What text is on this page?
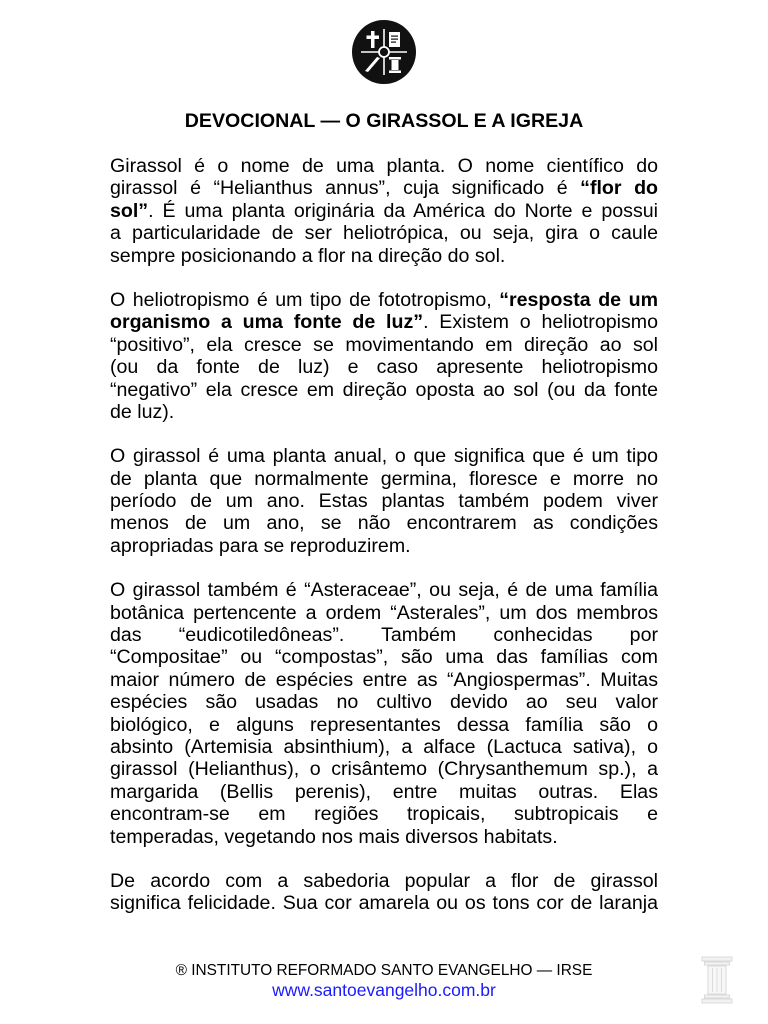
DEVOCIONAL — O GIRASSOL E A IGREJA
Girassol é o nome de uma planta. O nome científico do
girassol é “Helianthus annus”, cuja significado é “flor do
sol”. É uma planta originária da América do Norte e possui
a particularidade de ser heliotrópica, ou seja, gira o caule
sempre posicionando a flor na direção do sol.
O heliotropismo é um tipo de fototropismo, “resposta de um
organismo a uma fonte de luz”. Existem o heliotropismo
“positivo”, ela cresce se movimentando em direção ao sol
(ou da fonte de luz) e caso apresente heliotropismo
“negativo” ela cresce em direção oposta ao sol (ou da fonte
de luz).
O girassol é uma planta anual, o que significa que é um tipo
de planta que normalmente germina, floresce e morre no
período de um ano. Estas plantas também podem viver
menos de um ano, se não encontrarem as condições
apropriadas para se reproduzirem.
O girassol também é “Asteraceae”, ou seja, é de uma família
botânica pertencente a ordem “Asterales”, um dos membros
das “eudicotiledôneas”. Também conhecidas por
“Compositae” ou “compostas”, são uma das famílias com
maior número de espécies entre as “Angiospermas”. Muitas
espécies são usadas no cultivo devido ao seu valor
biológico, e alguns representantes dessa família são o
absinto (Artemisia absinthium), a alface (Lactuca sativa), o
girassol (Helianthus), o crisântemo (Chrysanthemum sp.), a
margarida (Bellis perenis), entre muitas outras. Elas
encontram-se em regiões tropicais, subtropicais e
temperadas, vegetando nos mais diversos habitats.
De acordo com a sabedoria popular a flor de girassol
significa felicidade. Sua cor amarela ou os tons cor de laranja
® INSTITUTO REFORMADO SANTO EVANGELHO — IRSE
www.santoevangelho.com.br
